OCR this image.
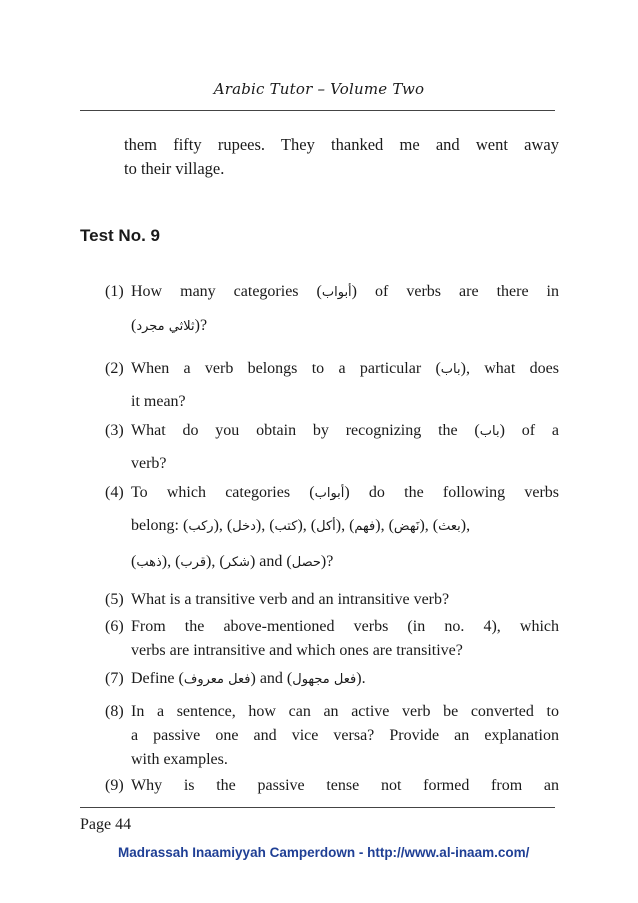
Arabic Tutor – Volume Two
them fifty rupees. They thanked me and went away
to their village.
Test No. 9
(1) How many categories (أبواب) of verbs are there in
(ثلاثي مجرد)?
(2) When a verb belongs to a particular (باب), what does
it mean?
(3) What do you obtain by recognizing the (باب) of a
verb?
(4) To which categories (أبواب) do the following verbs
belong: (ركب), (دخل), (كتب), (أكل), (فهم), (نَهض), (بعث),
(ذهب), (قرب), (شكر) and (حصل)?
(5) What is a transitive verb and an intransitive verb?
(6) From the above-mentioned verbs (in no. 4), which
verbs are intransitive and which ones are transitive?
(7) Define (فعل معروف) and (فعل مجهول).
(8) In a sentence, how can an active verb be converted to
a passive one and vice versa? Provide an explanation
with examples.
(9) Why is the passive tense not formed from an
Page 44
Madrassah Inaamiyyah Camperdown - http://www.al-inaam.com/
